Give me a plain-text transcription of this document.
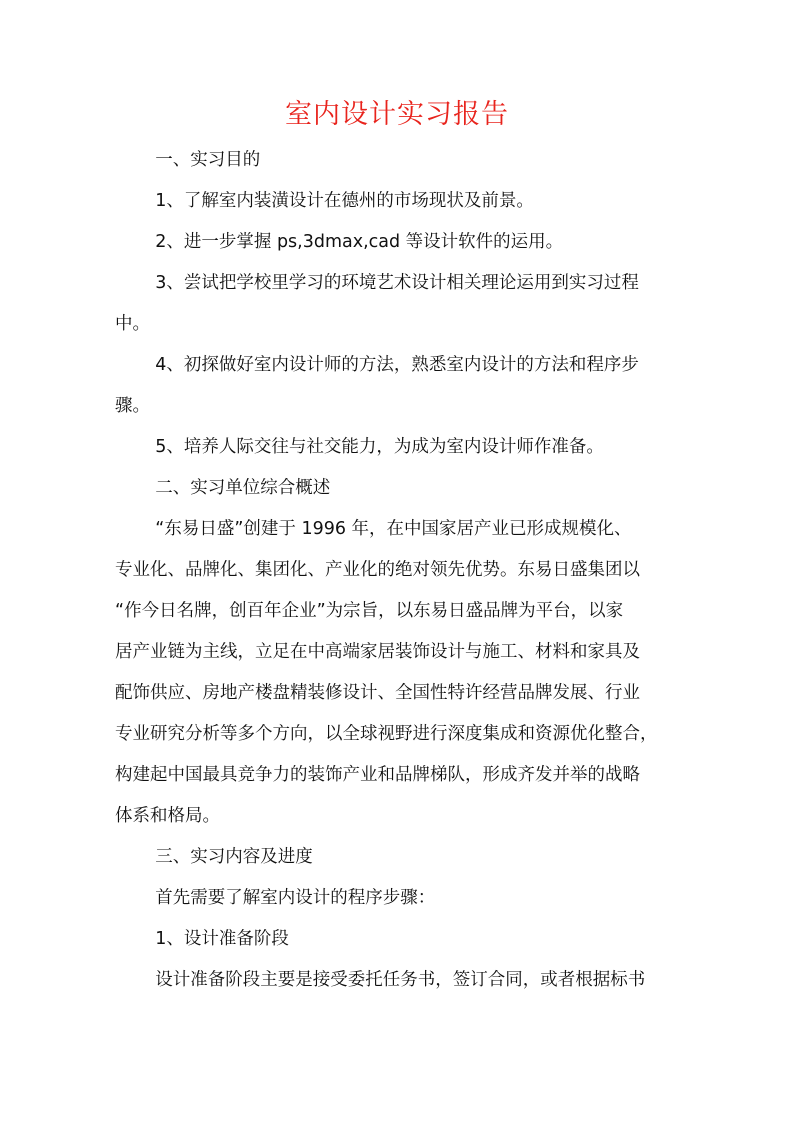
室内设计实习报告

一、实习目的

1、了解室内装潢设计在德州的市场现状及前景。

2、进一步掌握 ps,3dmax,cad 等设计软件的运用。

3、尝试把学校里学习的环境艺术设计相关理论运用到实习过程

中。

4、初探做好室内设计师的方法，熟悉室内设计的方法和程序步

骤。

5、培养人际交往与社交能力，为成为室内设计师作准备。

二、实习单位综合概述

“东易日盛”创建于 1996 年，在中国家居产业已形成规模化、

专业化、品牌化、集团化、产业化的绝对领先优势。东易日盛集团以

“作今日名牌，创百年企业”为宗旨，以东易日盛品牌为平台，以家

居产业链为主线，立足在中高端家居装饰设计与施工、材料和家具及

配饰供应、房地产楼盘精装修设计、全国性特许经营品牌发展、行业

专业研究分析等多个方向，以全球视野进行深度集成和资源优化整合，

构建起中国最具竞争力的装饰产业和品牌梯队，形成齐发并举的战略

体系和格局。

三、实习内容及进度

首先需要了解室内设计的程序步骤：

1、设计准备阶段

设计准备阶段主要是接受委托任务书，签订合同，或者根据标书
